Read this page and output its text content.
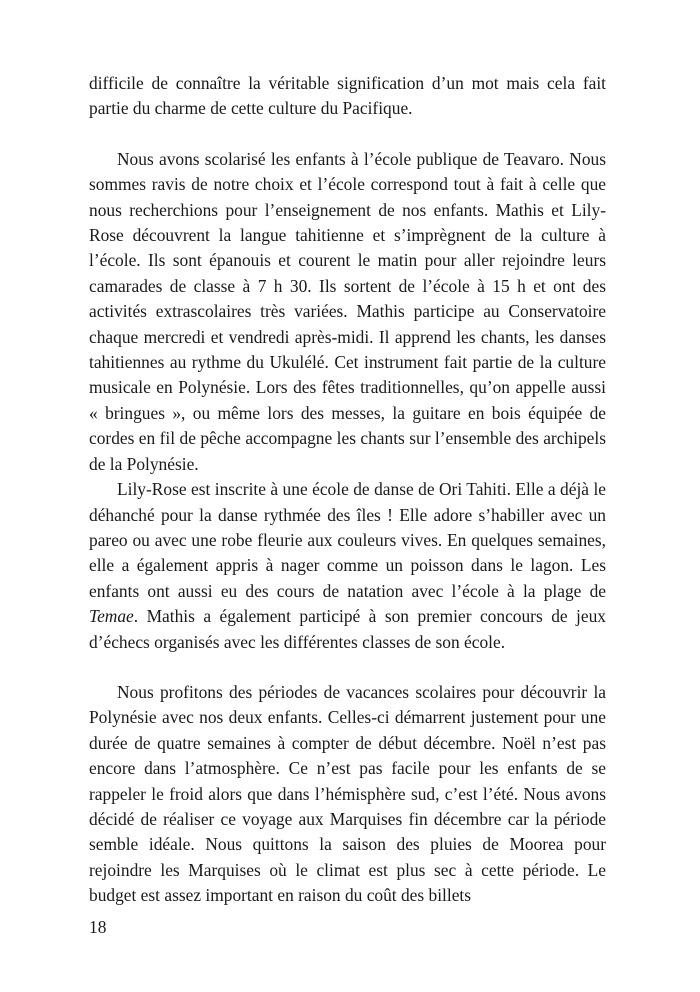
difficile de connaître la véritable signification d’un mot mais cela fait partie du charme de cette culture du Pacifique.

Nous avons scolarisé les enfants à l’école publique de Teavaro. Nous sommes ravis de notre choix et l’école correspond tout à fait à celle que nous recherchions pour l’enseignement de nos enfants. Mathis et Lily-Rose découvrent la langue tahitienne et s’imprègnent de la culture à l’école. Ils sont épanouis et courent le matin pour aller rejoindre leurs camarades de classe à 7 h 30. Ils sortent de l’école à 15 h et ont des activités extrascolaires très variées. Mathis participe au Conservatoire chaque mercredi et vendredi après-midi. Il apprend les chants, les danses tahitiennes au rythme du Ukulélé. Cet instrument fait partie de la culture musicale en Polynésie. Lors des fêtes traditionnelles, qu’on appelle aussi « bringues », ou même lors des messes, la guitare en bois équipée de cordes en fil de pêche accompagne les chants sur l’ensemble des archipels de la Polynésie.

Lily-Rose est inscrite à une école de danse de Ori Tahiti. Elle a déjà le déhanché pour la danse rythmée des îles ! Elle adore s’habiller avec un pareo ou avec une robe fleurie aux couleurs vives. En quelques semaines, elle a également appris à nager comme un poisson dans le lagon. Les enfants ont aussi eu des cours de natation avec l’école à la plage de Temae. Mathis a également participé à son premier concours de jeux d’échecs organisés avec les différentes classes de son école.

Nous profitons des périodes de vacances scolaires pour découvrir la Polynésie avec nos deux enfants. Celles-ci démarrent justement pour une durée de quatre semaines à compter de début décembre. Noël n’est pas encore dans l’atmosphère. Ce n’est pas facile pour les enfants de se rappeler le froid alors que dans l’hémisphère sud, c’est l’été. Nous avons décidé de réaliser ce voyage aux Marquises fin décembre car la période semble idéale. Nous quittons la saison des pluies de Moorea pour rejoindre les Marquises où le climat est plus sec à cette période. Le budget est assez important en raison du coût des billets

18
